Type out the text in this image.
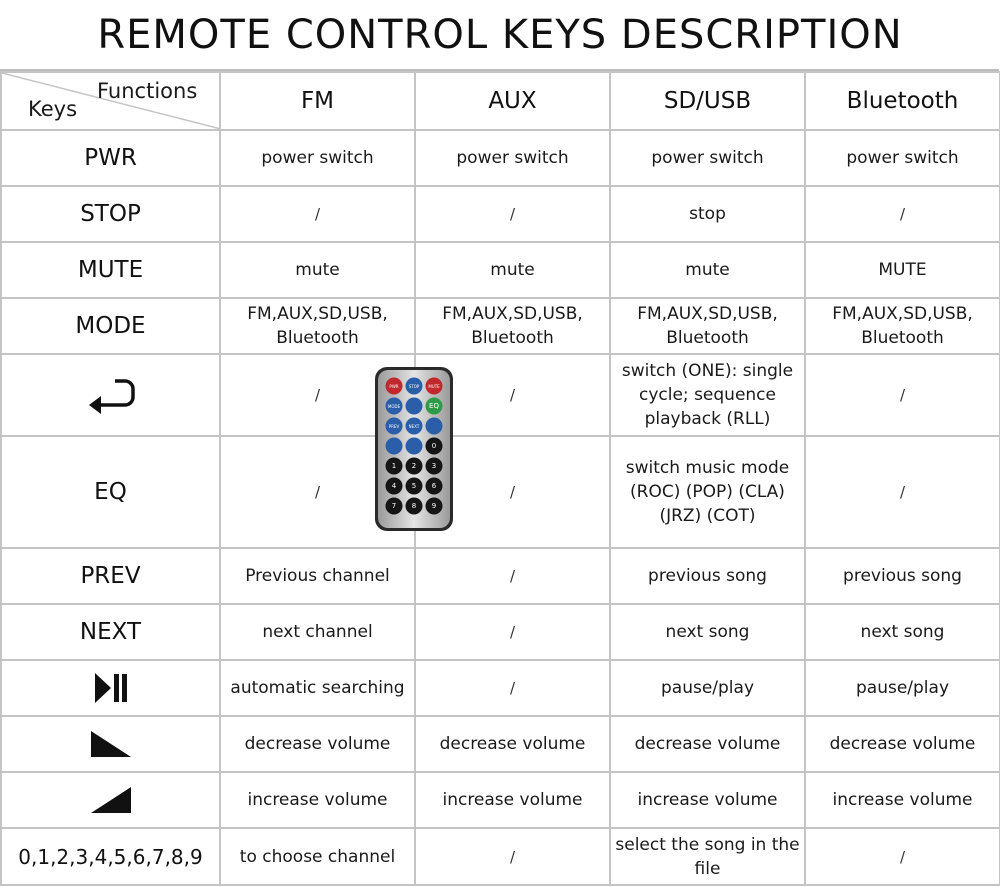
REMOTE CONTROL KEYS DESCRIPTION
Functions
Keys	FM	AUX	SD/USB	Bluetooth
PWR	power switch	power switch	power switch	power switch
STOP	/	/	stop	/
MUTE	mute	mute	mute	MUTE
MODE	FM,AUX,SD,USB, Bluetooth	FM,AUX,SD,USB, Bluetooth	FM,AUX,SD,USB, Bluetooth	FM,AUX,SD,USB, Bluetooth
	/	/	switch (ONE): single cycle; sequence playback (RLL)	/
EQ	/	/	switch music mode (ROC) (POP) (CLA) (JRZ) (COT)	/
PREV	Previous channel	/	previous song	previous song
NEXT	next channel	/	next song	next song
	automatic searching	/	pause/play	pause/play
	decrease volume	decrease volume	decrease volume	decrease volume
	increase volume	increase volume	increase volume	increase volume
0,1,2,3,4,5,6,7,8,9	to choose channel	/	select the song in the file	/
PWR	STOP MUTE
MODE	EQ
PREV NEXT
0
1 2 3
4 5 6
7 8 9
